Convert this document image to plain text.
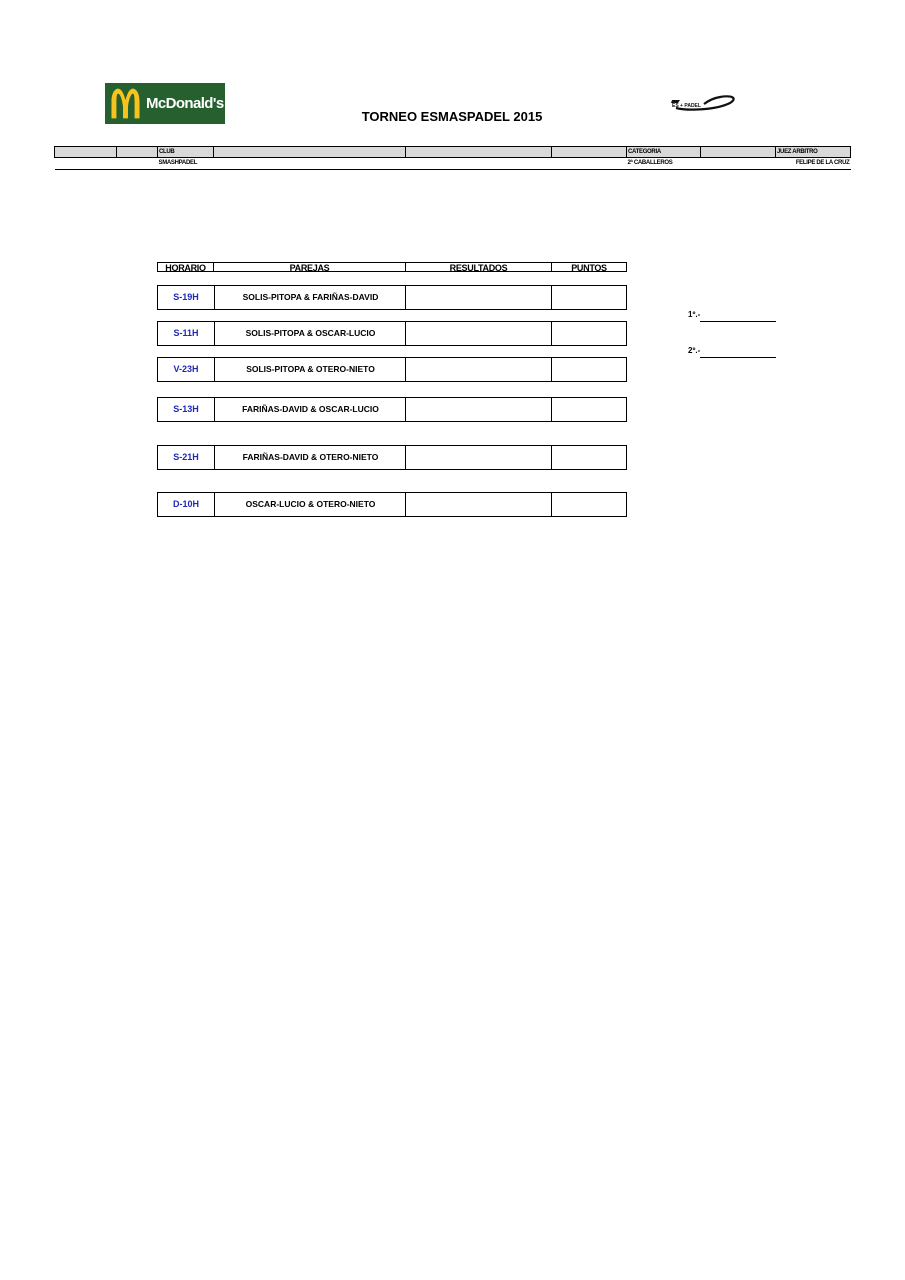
McDonald's	ES + PADEL
TORNEO ESMASPADEL 2015
		CLUB				CATEGORIA		JUEZ ARBITRO
		SMASHPADEL				2ª CABALLEROS		FELIPE DE LA CRUZ
HORARIO	PAREJAS	RESULTADOS	PUNTOS
S-19H	SOLIS-PITOPA & FARIÑAS-DAVID
S-11H	SOLIS-PITOPA & OSCAR-LUCIO
V-23H	SOLIS-PITOPA & OTERO-NIETO
S-13H	FARIÑAS-DAVID & OSCAR-LUCIO
S-21H	FARIÑAS-DAVID & OTERO-NIETO
D-10H	OSCAR-LUCIO & OTERO-NIETO
1º.-
2º.-
